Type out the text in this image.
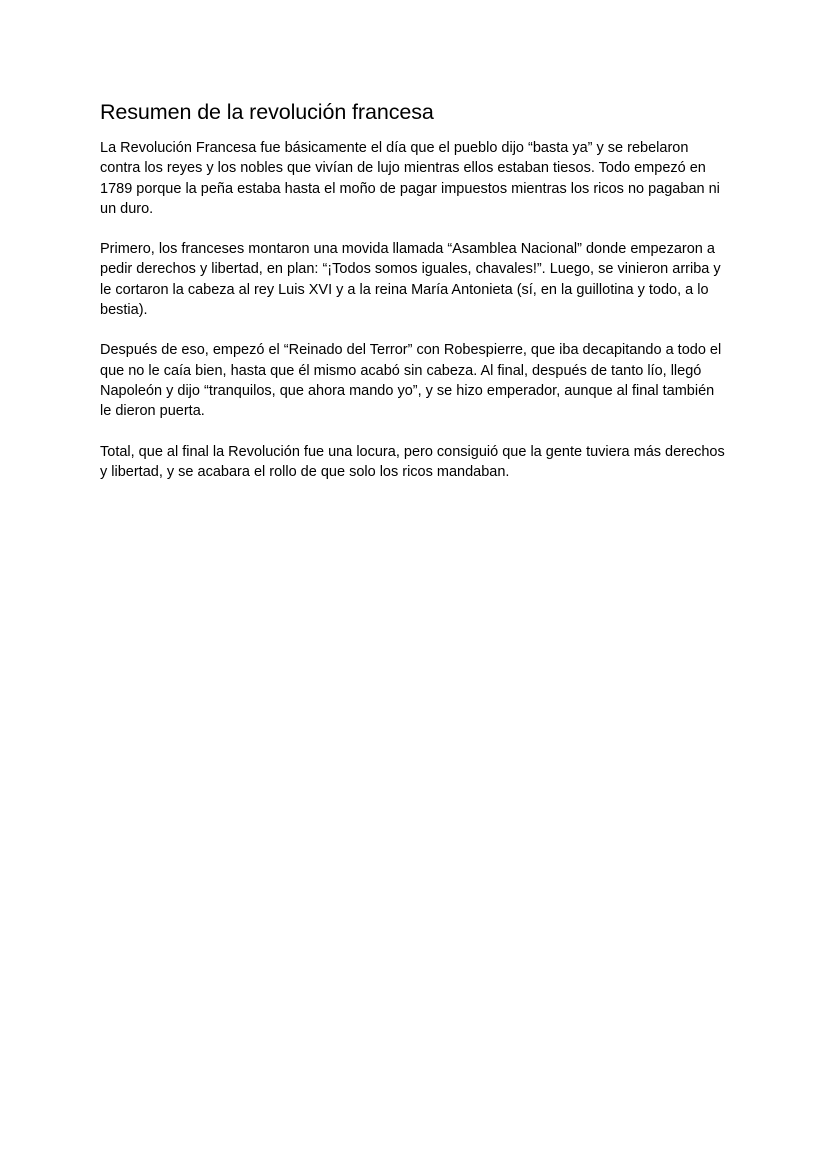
Resumen de la revolución francesa

La Revolución Francesa fue básicamente el día que el pueblo dijo “basta ya” y se rebelaron contra los reyes y los nobles que vivían de lujo mientras ellos estaban tiesos. Todo empezó en 1789 porque la peña estaba hasta el moño de pagar impuestos mientras los ricos no pagaban ni un duro.

Primero, los franceses montaron una movida llamada “Asamblea Nacional” donde empezaron a pedir derechos y libertad, en plan: “¡Todos somos iguales, chavales!”. Luego, se vinieron arriba y le cortaron la cabeza al rey Luis XVI y a la reina María Antonieta (sí, en la guillotina y todo, a lo bestia).

Después de eso, empezó el “Reinado del Terror” con Robespierre, que iba decapitando a todo el que no le caía bien, hasta que él mismo acabó sin cabeza. Al final, después de tanto lío, llegó Napoleón y dijo “tranquilos, que ahora mando yo”, y se hizo emperador, aunque al final también le dieron puerta.

Total, que al final la Revolución fue una locura, pero consiguió que la gente tuviera más derechos y libertad, y se acabara el rollo de que solo los ricos mandaban.
